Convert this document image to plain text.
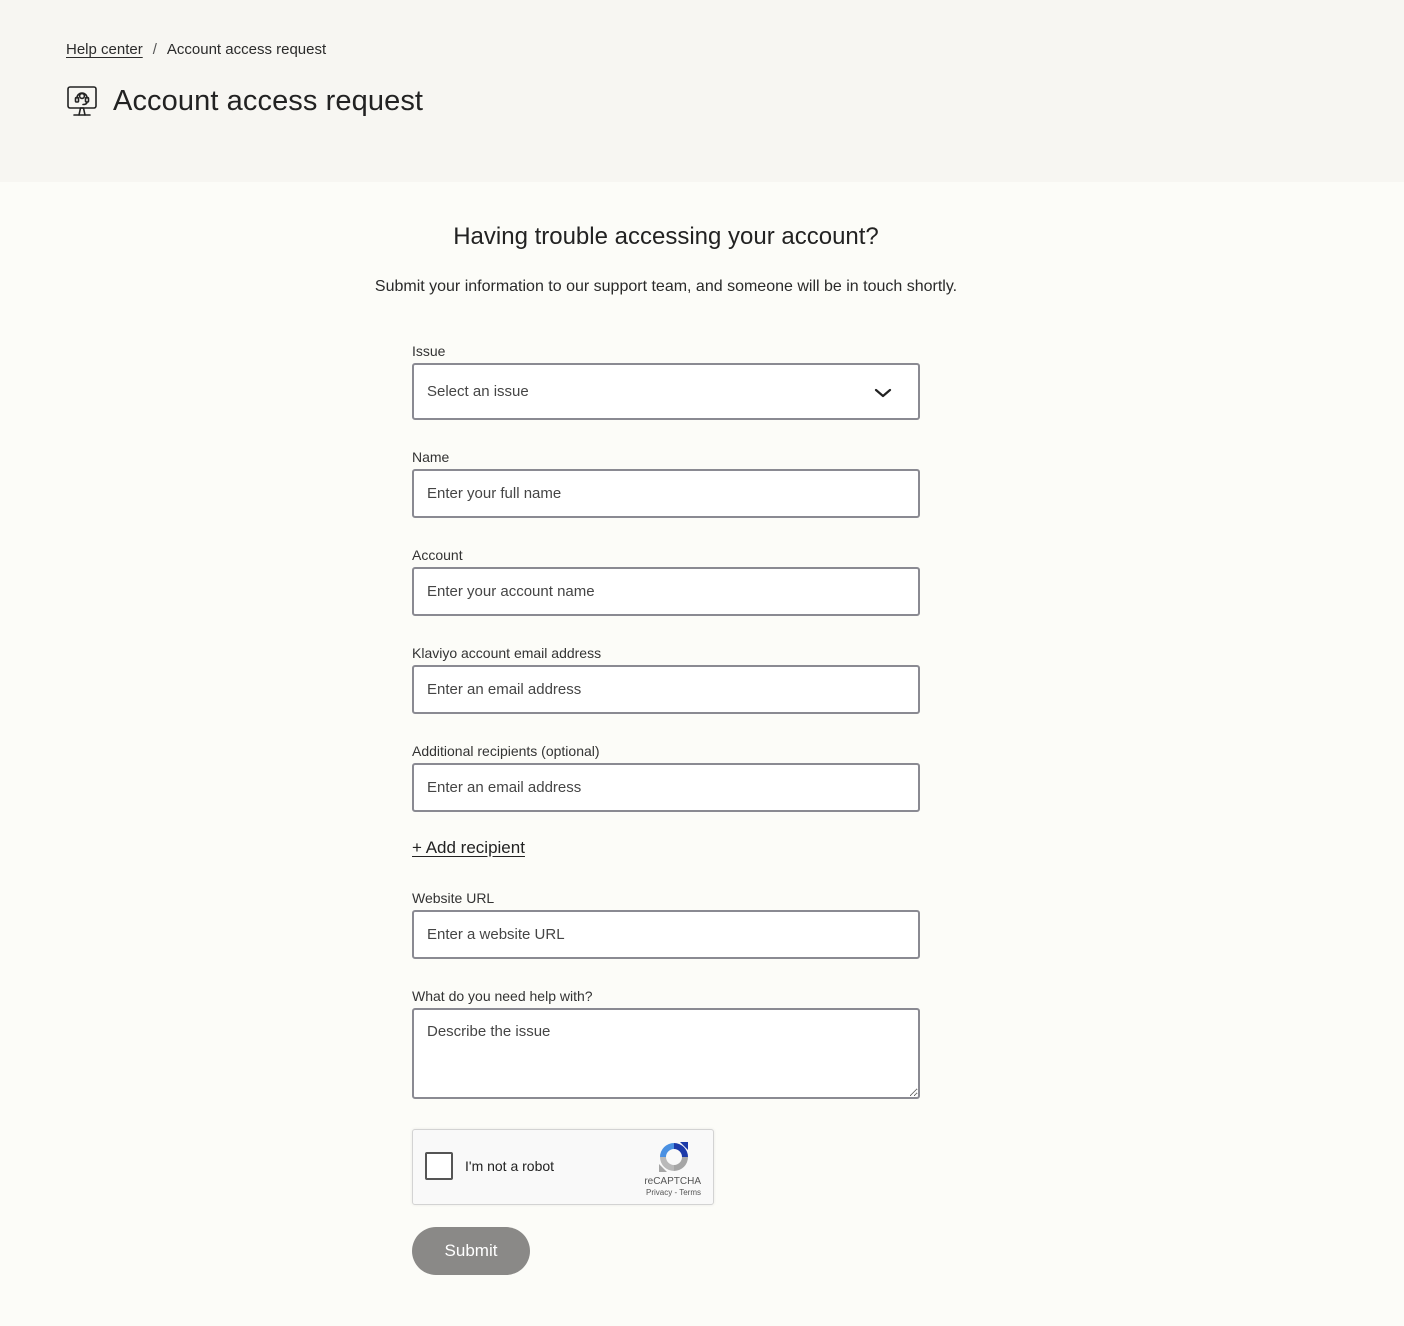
Help center / Account access request
Account access request
Having trouble accessing your account?

Submit your information to our support team, and someone will be in touch shortly.

Issue
Select an issue
Name
Enter your full name
Account
Enter your account name
Klaviyo account email address
Enter an email address
Additional recipients (optional)
Enter an email address
+ Add recipient
Website URL
Enter a website URL
What do you need help with?
Describe the issue
I'm not a robot
reCAPTCHA
Privacy - Terms
Submit
